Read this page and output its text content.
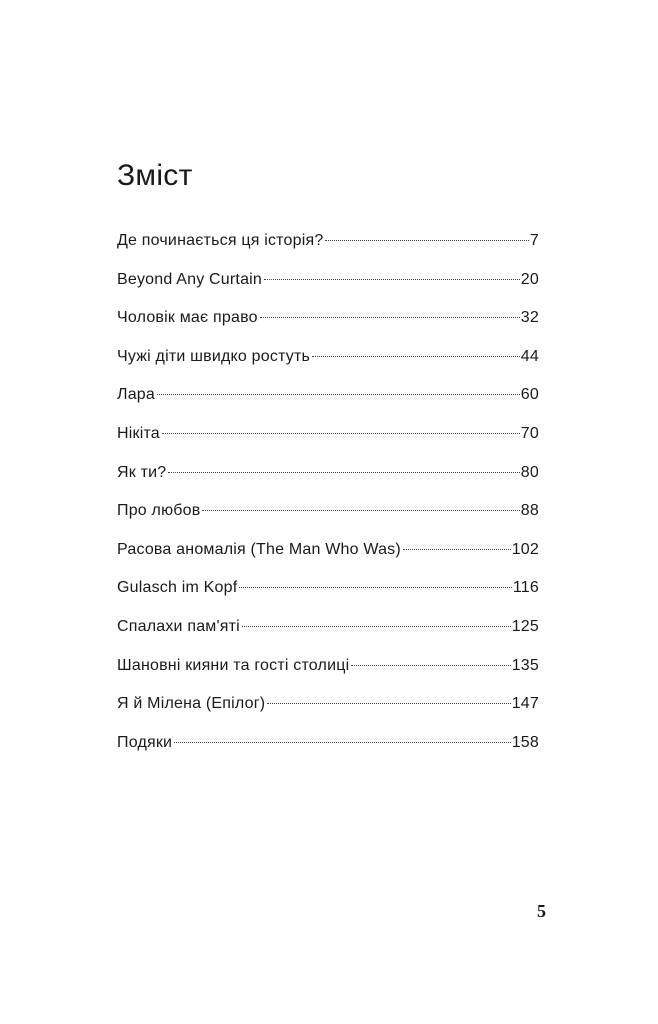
Зміст
Де починається ця історія?	7
Beyond Any Curtain	20
Чоловік має право	32
Чужі діти швидко ростуть	44
Лара	60
Нікіта	70
Як ти?	80
Про любов	88
Расова аномалія (The Man Who Was)	102
Gulasch im Kopf	116
Спалахи пам'яті	125
Шановні кияни та гості столиці	135
Я й Мілена (Епілог)	147
Подяки	158
5
